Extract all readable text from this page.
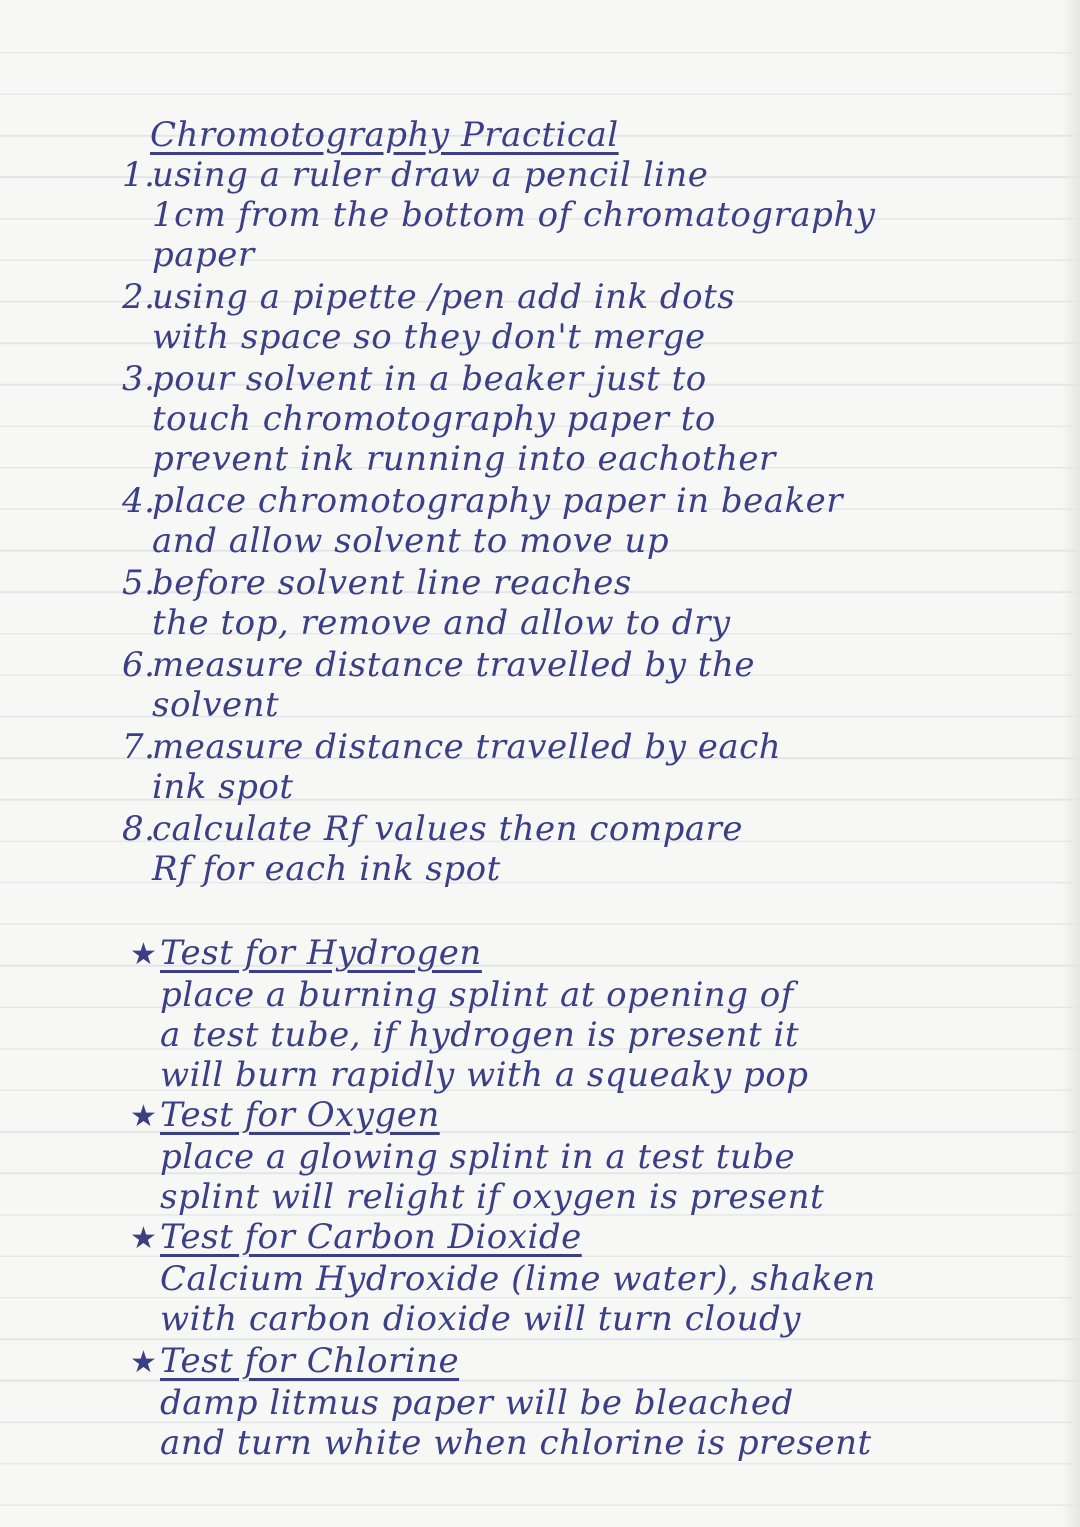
Chromotography Practical
1.using a ruler draw a pencil line
1cm from the bottom of chromatography
paper
2.using a pipette /pen add ink dots
with space so they don't merge
3.pour solvent in a beaker just to
touch chromotography paper to
prevent ink running into eachother
4.place chromotography paper in beaker
and allow solvent to move up
5.before solvent line reaches
the top, remove and allow to dry
6.measure distance travelled by the
solvent
7.measure distance travelled by each
ink spot
8.calculate Rf values then compare
Rf for each ink spot
★Test for Hydrogen
place a burning splint at opening of
a test tube, if hydrogen is present it
will burn rapidly with a squeaky pop
★Test for Oxygen
place a glowing splint in a test tube
splint will relight if oxygen is present
★Test for Carbon Dioxide
Calcium Hydroxide (lime water), shaken
with carbon dioxide will turn cloudy
★Test for Chlorine
damp litmus paper will be bleached
and turn white when chlorine is present
